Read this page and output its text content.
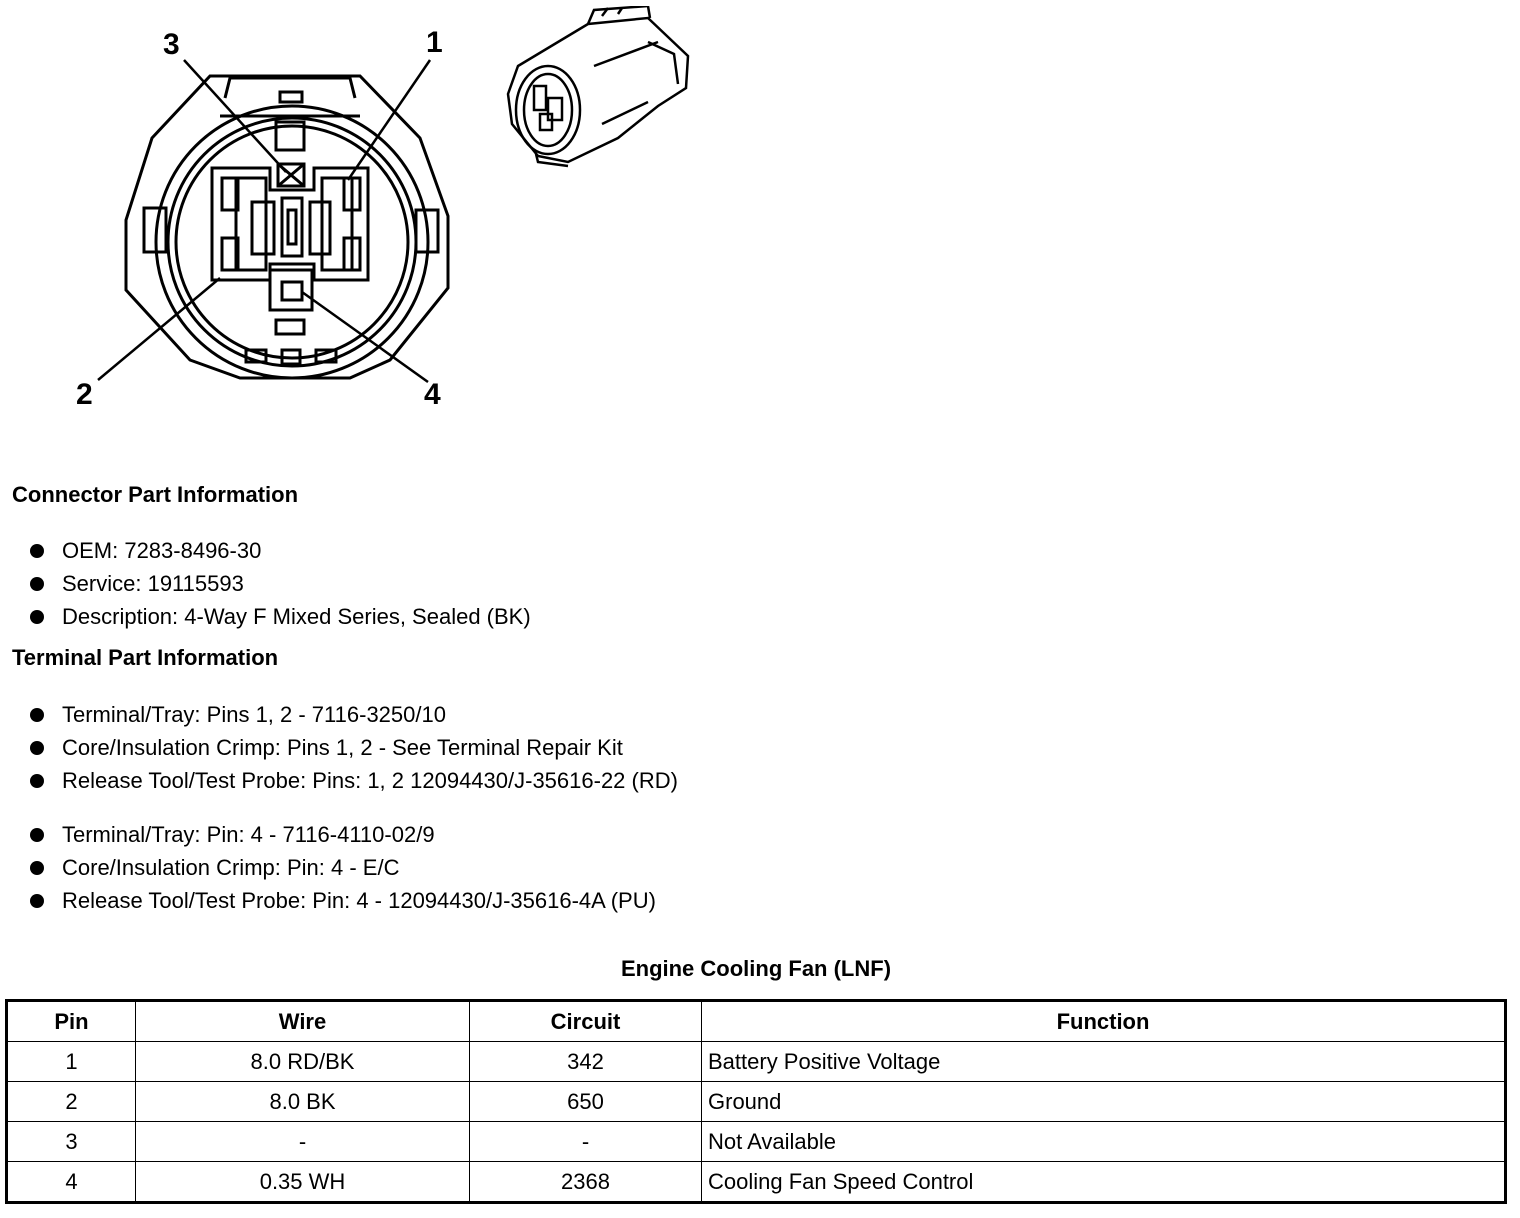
3	1
2	4
Connector Part Information
OEM: 7283-8496-30
Service: 19115593
Description: 4-Way F Mixed Series, Sealed (BK)
Terminal Part Information
Terminal/Tray: Pins 1, 2 - 7116-3250/10
Core/Insulation Crimp: Pins 1, 2 - See Terminal Repair Kit
Release Tool/Test Probe: Pins: 1, 2 12094430/J-35616-22 (RD)
Terminal/Tray: Pin: 4 - 7116-4110-02/9
Core/Insulation Crimp: Pin: 4 - E/C
Release Tool/Test Probe: Pin: 4 - 12094430/J-35616-4A (PU)
Engine Cooling Fan (LNF)
Pin	Wire	Circuit	Function
1	8.0 RD/BK	342	Battery Positive Voltage
2	8.0 BK	650	Ground
3	-	-	Not Available
4	0.35 WH	2368	Cooling Fan Speed Control
